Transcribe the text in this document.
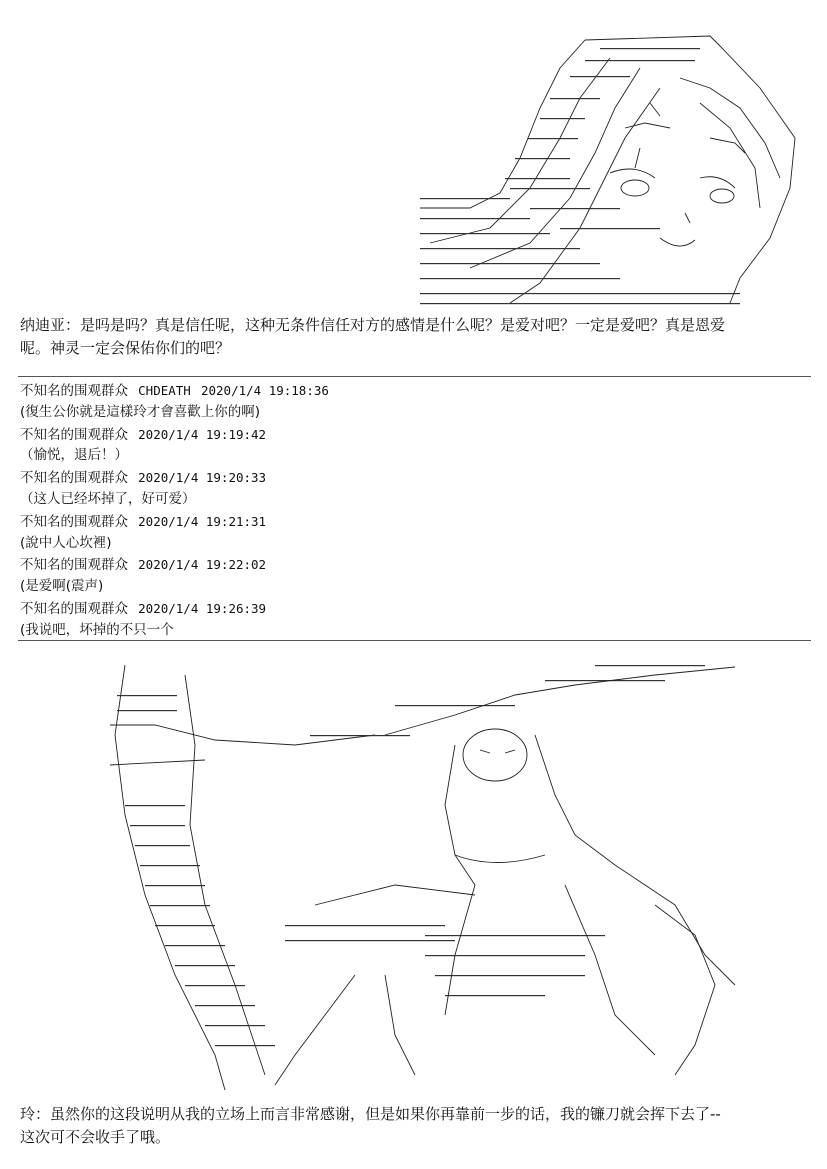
纳迪亚：是吗是吗？真是信任呢，这种无条件信任对方的感情是什么呢？是爱对吧？一定是爱吧？真是恩爱

呢。神灵一定会保佑你们的吧？

不知名的围观群众 CHDEATH 2020/1/4 19:18:36
(復生公你就是這樣玲才會喜歡上你的啊)
不知名的围观群众 2020/1/4 19:19:42
（愉悦，退后！）
不知名的围观群众 2020/1/4 19:20:33
（这人已经坏掉了，好可爱）
不知名的围观群众 2020/1/4 19:21:31
(說中人心坎裡)
不知名的围观群众 2020/1/4 19:22:02
(是爱啊(震声)
不知名的围观群众 2020/1/4 19:26:39
(我说吧，坏掉的不只一个

玲：虽然你的这段说明从我的立场上而言非常感谢，但是如果你再靠前一步的话，我的镰刀就会挥下去了--

这次可不会收手了哦。
